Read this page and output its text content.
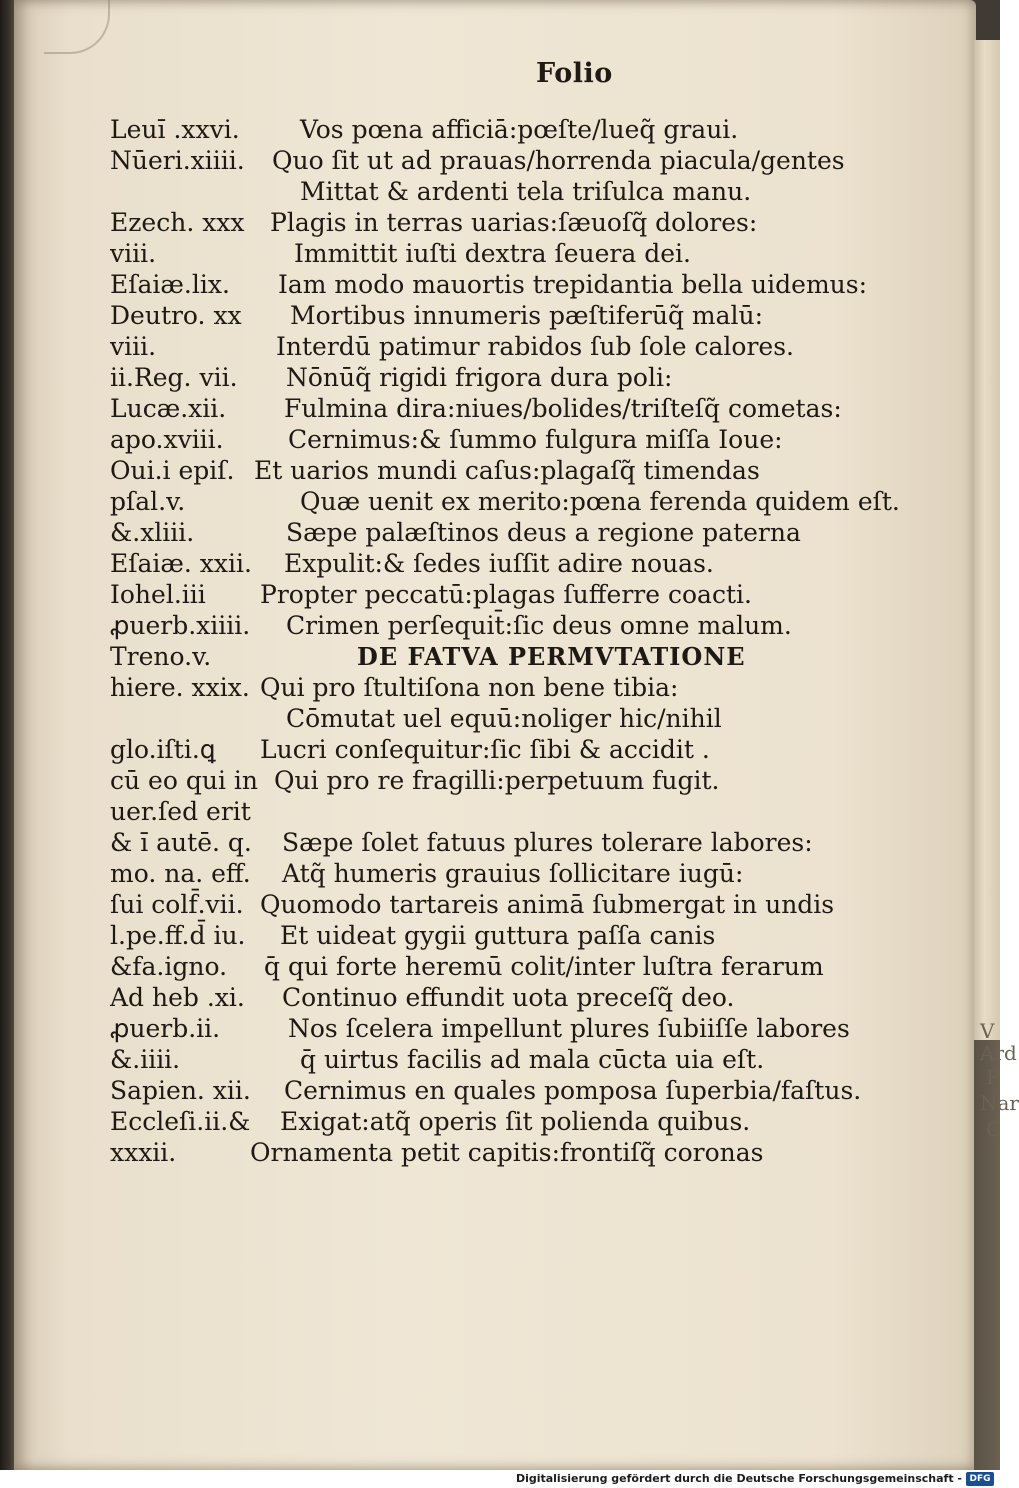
Folio
Leuı̄ .xxvi. Vos pœna afficiā:pœſte/lueq̃ graui.
Nūeri.xiiii. Quo ſit ut ad prauas/horrenda piacula/gentes
Mittat & ardenti tela triſulca manu.
Ezech. xxx Plagis in terras uarias:ſæuoſq̃ dolores:
viii.	Immittit iuſti dextra ſeuera dei.
Eſaiæ.lix. Iam modo mauortis trepidantia bella uidemus:
Deutro. xx Mortibus innumeris pæſtiferūq̃ malū:
viii.	Interdū patimur rabidos ſub ſole calores.
ii.Reg. vii. Nōnūq̃ rigidi frigora dura poli:
Lucæ.xii. Fulmina dira:niues/bolides/triſteſq̃ cometas:
apo.xviii.	Cernimus:& ſummo fulgura miſſa Ioue:
Oui.i epiſ. Et uarios mundi caſus:plagaſq̃ timendas
pſal.v.	Quæ uenit ex merito:pœna ferenda quidem eſt.
&.xliii.	Sæpe palæſtinos deus a regione paterna
Eſaiæ. xxii. Expulit:& ſedes iuſſit adire nouas.
Iohel.iii Propter peccatū:plagas ſufferre coacti.
ꝓuerb.xiiii. Crimen perſequit̄:ſic deus omne malum.
Treno.v.	DE FATVA PERMVTATIONE
hiere. xxix. Qui pro ſtultiſona non bene tibia:
Cōmutat uel equū:noliger hic/nihil
glo.iſti.ꝗ Lucri conſequitur:ſic ſibi & accidit .
cū eo qui in Qui pro re fragilli:perpetuum fugit.
uer.ſed erit
& ı̄ autē. q. Sæpe ſolet fatuus plures tolerare labores:
mo. na. eff. Atq̃ humeris grauius ſollicitare iugū:
ſui colf̄.vii. Quomodo tartareis animā ſubmergat in undis
l.pe.ff.d̄ iu. Et uideat gygii guttura paſſa canis
&fa.igno. q̄ qui forte heremū colit/inter luſtra ferarum
Ad heb .xi. Continuo effundit uota preceſq̃ deo.
ꝓuerb.ii.	Nos ſcelera impellunt plures ſubiiſſe labores
&.iiii.	q̄ uirtus facilis ad mala cūcta uia eſt.
Sapien. xii. Cernimus en quales pomposa ſuperbia/faſtus.
Eccleſi.ii.& Exigat:atq̃ operis ſit polienda quibus.
xxxii.	Ornamenta petit capitis:frontiſq̃ coronas
V
Ard
P
Nar
C
Digitalisierung gefördert durch die Deutsche Forschungsgemeinschaft - DFG
